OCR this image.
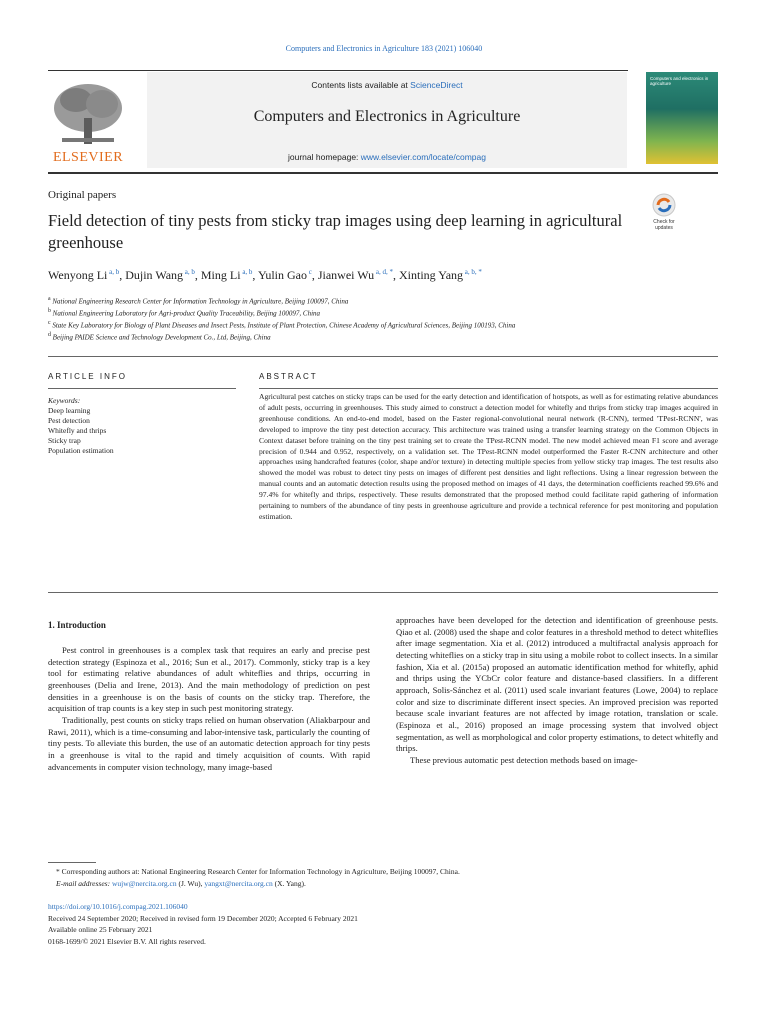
Computers and Electronics in Agriculture 183 (2021) 106040
Contents lists available at ScienceDirect
Computers and Electronics in Agriculture
journal homepage: www.elsevier.com/locate/compag
ELSEVIER
Computers and electronics in agriculture
Original papers
Field detection of tiny pests from sticky trap images using deep learning in agricultural greenhouse
Check for
updates
Wenyong Li $^{a, b}$, Dujin Wang $^{a, b}$, Ming Li $^{a, b}$, Yulin Gao $^c$, Jianwei Wu $^{a, d, *}$, Xinting Yang $^{a, b, *}$
$^a$ National Engineering Research Center for Information Technology in Agriculture, Beijing 100097, China
$^b$ National Engineering Laboratory for Agri-product Quality Traceability, Beijing 100097, China
$^c$ State Key Laboratory for Biology of Plant Diseases and Insect Pests, Institute of Plant Protection, Chinese Academy of Agricultural Sciences, Beijing 100193, China
$^d$ Beijing PAIDE Science and Technology Development Co., Ltd, Beijing, China
ARTICLE INFO	ABSTRACT
Keywords:
Deep learning
Pest detection
Whitefly and thrips
Sticky trap
Population estimation
Agricultural pest catches on sticky traps can be used for the early detection and identification of hotspots, as well as for estimating relative abundances of adult pests, occurring in greenhouses. This study aimed to construct a detection model for whitefly and thrips from sticky trap images acquired in greenhouse conditions. An end-to-end model, based on the Faster regional-convolutional neural network (R-CNN), termed 'TPest-RCNN', was developed to improve the tiny pest detection accuracy. This architecture was trained using a transfer learning strategy on the Common Objects in Context dataset before training on the tiny pest training set to create the TPest-RCNN model. The new model achieved mean F1 score and average precision of 0.944 and 0.952, respectively, on a validation set. The TPest-RCNN model outperformed the Faster R-CNN architecture and other approaches using handcrafted features (color, shape and/or texture) in detecting multiple species from yellow sticky trap images. The test results also showed the model was robust to detect tiny pests on images of different pest densities and light reflections. Using a linear regression between the manual counts and an automatic detection results using the proposed method on images of 41 days, the determination coefficients reached 99.6% and 97.4% for whitefly and thrips, respectively. These results demonstrated that the proposed method could facilitate rapid gathering of information pertaining to numbers of the abundance of tiny pests in greenhouse agriculture and provide a technical reference for pest monitoring and population estimation.
1. Introduction

Pest control in greenhouses is a complex task that requires an early and precise pest detection strategy (Espinoza et al., 2016; Sun et al., 2017). Commonly, sticky trap is a key tool for estimating relative abundances of adult whiteflies and thrips, occurring in greenhouses (Delia and Irene, 2013). And the main methodology of prediction on pest densities in a greenhouse is on the basis of counts on the sticky trap. Therefore, the acquisition of trap counts is a key step in such pest monitoring strategy.

Traditionally, pest counts on sticky traps relied on human observation (Aliakbarpour and Rawi, 2011), which is a time-consuming and labor-intensive task, particularly the counting of tiny pests. To alleviate this burden, the use of an automatic detection approach for tiny pests in a greenhouse is vital to the rapid and timely acquisition of counts. With rapid advancements in computer vision technology, many image-based

approaches have been developed for the detection and identification of greenhouse pests. Qiao et al. (2008) used the shape and color features in a threshold method to detect whiteflies after image segmentation. Xia et al. (2012) introduced a multifractal analysis approach for detecting whiteflies on a sticky trap in situ using a mobile robot to collect insects. In a similar fashion, Xia et al. (2015a) proposed an automatic identification method for whitefly, aphid and thrips using the YCbCr color feature and distance-based classifiers. In a different approach, Solis-Sánchez et al. (2011) used scale invariant features (Lowe, 2004) to replace color and size to discriminate different insect species. An improved precision was reported because scale invariant features are not affected by image rotation, translation or scale. (Espinoza et al., 2016) proposed an image processing system that involved object segmentation, as well as morphological and color property estimations, to detect whitefly and thrips.

These previous automatic pest detection methods based on image-

* Corresponding authors at: National Engineering Research Center for Information Technology in Agriculture, Beijing 100097, China.
E-mail addresses: wujw@nercita.org.cn (J. Wu), yangxt@nercita.org.cn (X. Yang).
https://doi.org/10.1016/j.compag.2021.106040
Received 24 September 2020; Received in revised form 19 December 2020; Accepted 6 February 2021
Available online 25 February 2021
0168-1699/© 2021 Elsevier B.V. All rights reserved.
